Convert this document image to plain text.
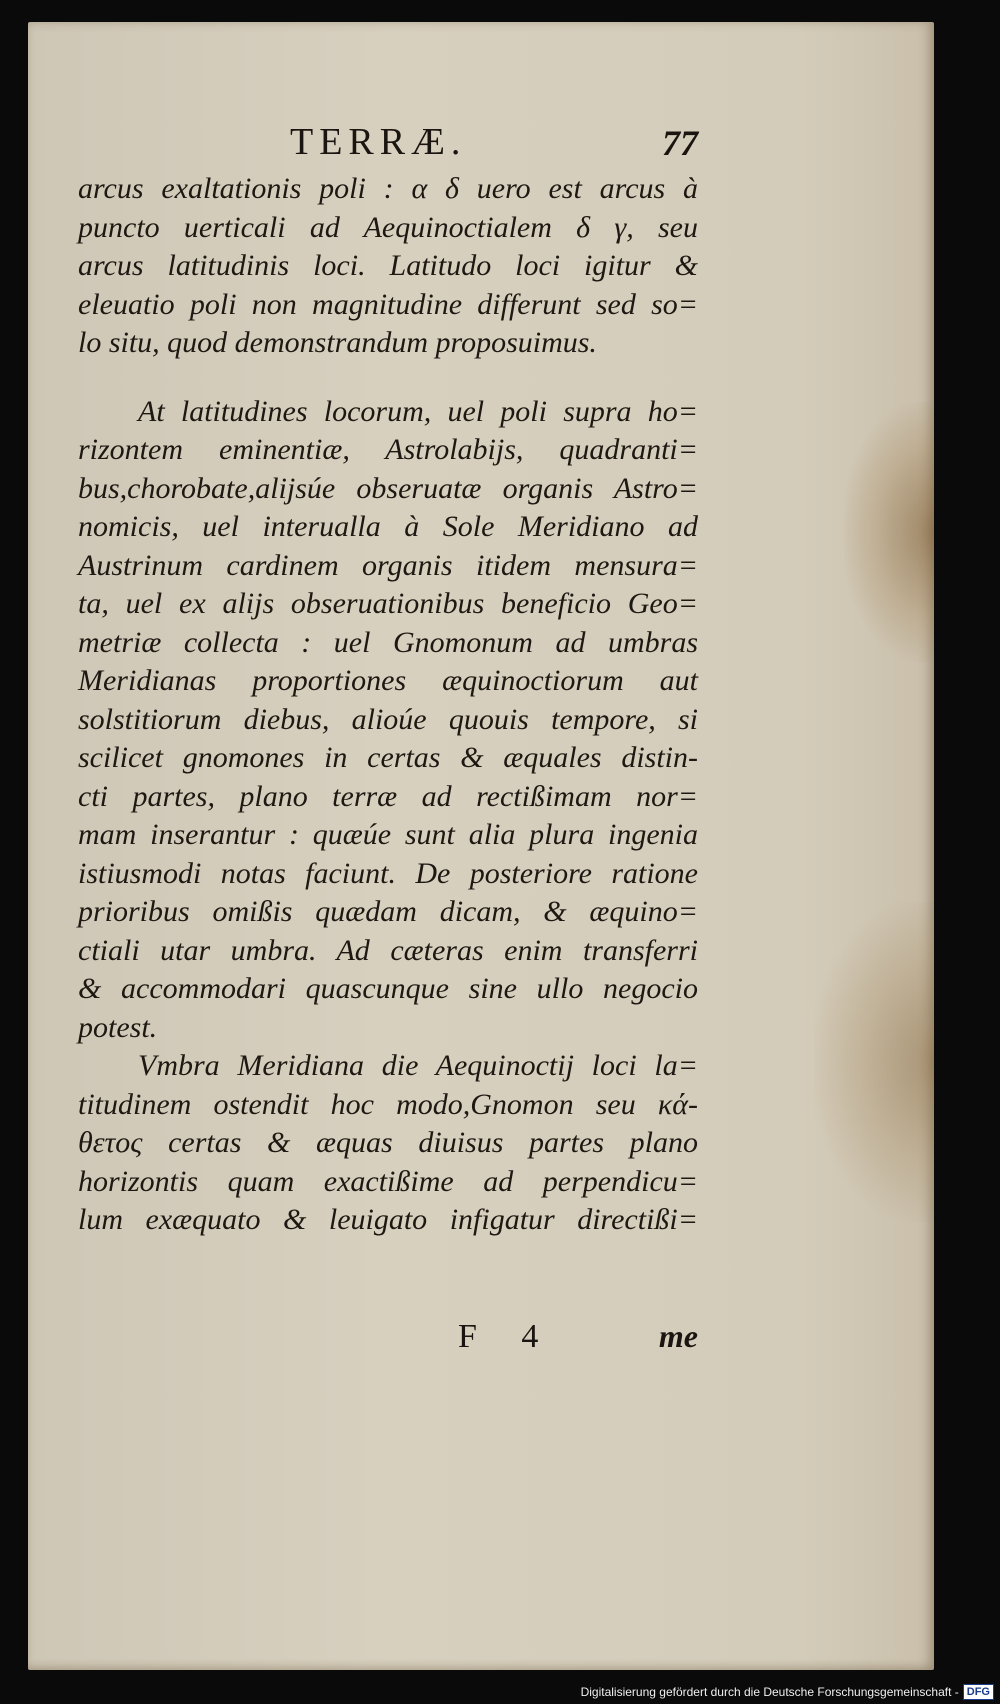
TERRÆ.	77
arcus exaltationis poli : α δ uero est arcus à
puncto uerticali ad Aequinoctialem δ γ, seu
arcus latitudinis loci. Latitudo loci igitur &
eleuatio poli non magnitudine differunt sed so=
lo situ, quod demonstrandum proposuimus.
At latitudines locorum, uel poli supra ho=
rizontem eminentiæ, Astrolabijs, quadranti=
bus,chorobate,alijsúe obseruatæ organis Astro=
nomicis, uel interualla à Sole Meridiano ad
Austrinum cardinem organis itidem mensura=
ta, uel ex alijs obseruationibus beneficio Geo=
metriæ collecta : uel Gnomonum ad umbras
Meridianas proportiones æquinoctiorum aut
solstitiorum diebus, alioúe quouis tempore, si
scilicet gnomones in certas & æquales distin-
cti partes, plano terræ ad rectißimam nor=
mam inserantur : quæúe sunt alia plura ingenia
istiusmodi notas faciunt. De posteriore ratione
prioribus omißis quædam dicam, & æquino=
ctiali utar umbra. Ad cæteras enim transferri
& accommodari quascunque sine ullo negocio
potest.
Vmbra Meridiana die Aequinoctij loci la=
titudinem ostendit hoc modo,Gnomon seu κά-
θετος certas & æquas diuisus partes plano
horizontis quam exactißime ad perpendicu=
lum exæquato & leuigato infigatur directißi=
F 4	me
Digitalisierung gefördert durch die Deutsche Forschungsgemeinschaft - DFG
